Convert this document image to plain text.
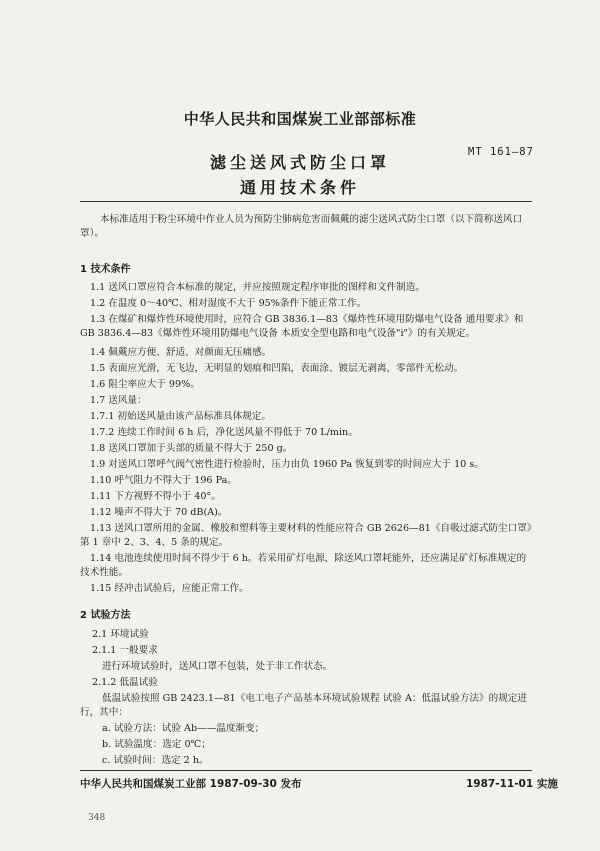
中华人民共和国煤炭工业部部标准
MT 161—87
滤尘送风式防尘口罩
通用技术条件
本标准适用于粉尘环境中作业人员为预防尘肺病危害而佩戴的滤尘送风式防尘口罩（以下简称送风口罩）。
1 技术条件
1.1 送风口罩应符合本标准的规定，并应按照规定程序审批的图样和文件制造。
1.2 在温度 0～40℃、相对湿度不大于 95%条件下能正常工作。
1.3 在煤矿和爆炸性环境使用时，应符合 GB 3836.1—83《爆炸性环境用防爆电气设备 通用要求》和 GB 3836.4—83《爆炸性环境用防爆电气设备 本质安全型电路和电气设备"i"》的有关规定。
1.4 佩戴应方便、舒适、对颜面无压痛感。
1.5 表面应光滑，无飞边，无明显的划痕和凹陷，表面涂、镀层无剥离，零部件无松动。
1.6 阻尘率应大于 99%。
1.7 送风量：
1.7.1 初始送风量由该产品标准具体规定。
1.7.2 连续工作时间 6 h 后，净化送风量不得低于 70 L/min。
1.8 送风口罩加于头部的质量不得大于 250 g。
1.9 对送风口罩呼气阀气密性进行检验时，压力由负 1960 Pa 恢复到零的时间应大于 10 s。
1.10 呼气阻力不得大于 196 Pa。
1.11 下方视野不得小于 40°。
1.12 噪声不得大于 70 dB(A)。
1.13 送风口罩所用的金属、橡胶和塑料等主要材料的性能应符合 GB 2626—81《自吸过滤式防尘口罩》第 1 章中 2、3、4、5 条的规定。
1.14 电池连续使用时间不得少于 6 h。若采用矿灯电源，除送风口罩耗能外，还应满足矿灯标准规定的技术性能。
1.15 经冲击试验后，应能正常工作。
2 试验方法
2.1 环境试验
2.1.1 一般要求
进行环境试验时，送风口罩不包装，处于非工作状态。
2.1.2 低温试验
低温试验按照 GB 2423.1—81《电工电子产品基本环境试验规程 试验 A：低温试验方法》的规定进行，其中：
a. 试验方法：试验 Ab——温度渐变；
b. 试验温度：选定 0℃；
c. 试验时间：选定 2 h。
中华人民共和国煤炭工业部 1987-09-30 发布	1987-11-01 实施
348
